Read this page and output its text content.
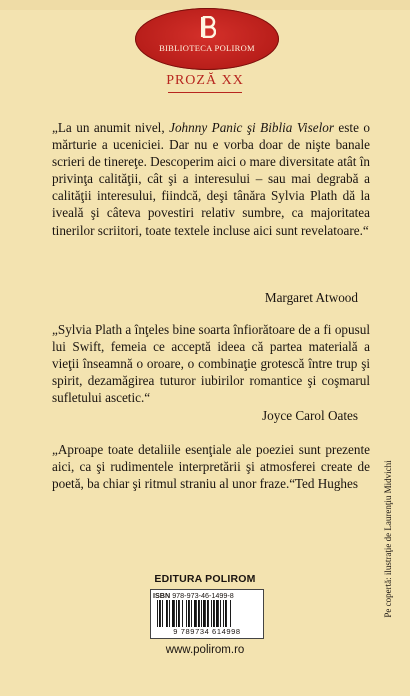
BIBLIOTECA POLIROM
PROZĂ XX
„La un anumit nivel, Johnny Panic şi Biblia Viselor este o mărturie a uceniciei. Dar nu e vorba doar de nişte banale scrieri de tinereţe. Descoperim aici o mare diversitate atât în privinţa calităţii, cât şi a interesului – sau mai degrabă a calităţii interesului, fiindcă, deşi tânăra Sylvia Plath dă la iveală şi câteva povestiri relativ sumbre, ca majoritatea tinerilor scriitori, toate textele incluse aici sunt revelatoare.“
Margaret Atwood
„Sylvia Plath a înţeles bine soarta înfiorătoare de a fi opusul lui Swift, femeia ce acceptă ideea că partea materială a vieţii înseamnă o oroare, o combinaţie grotescă între trup şi spirit, dezamăgirea tuturor iubirilor romantice şi coşmarul sufletului ascetic.“
Joyce Carol Oates
„Aproape toate detaliile esenţiale ale poeziei sunt prezente aici, ca şi rudimentele interpretării şi atmosferei create de poetă, ba chiar şi ritmul straniu al unor fraze.“ Ted Hughes	Pe copertă: ilustraţie de Laurenţiu Midvichi
EDITURA POLIROM
ISBN 978-973-46-1499-8
9 789734 614998
www.polirom.ro
